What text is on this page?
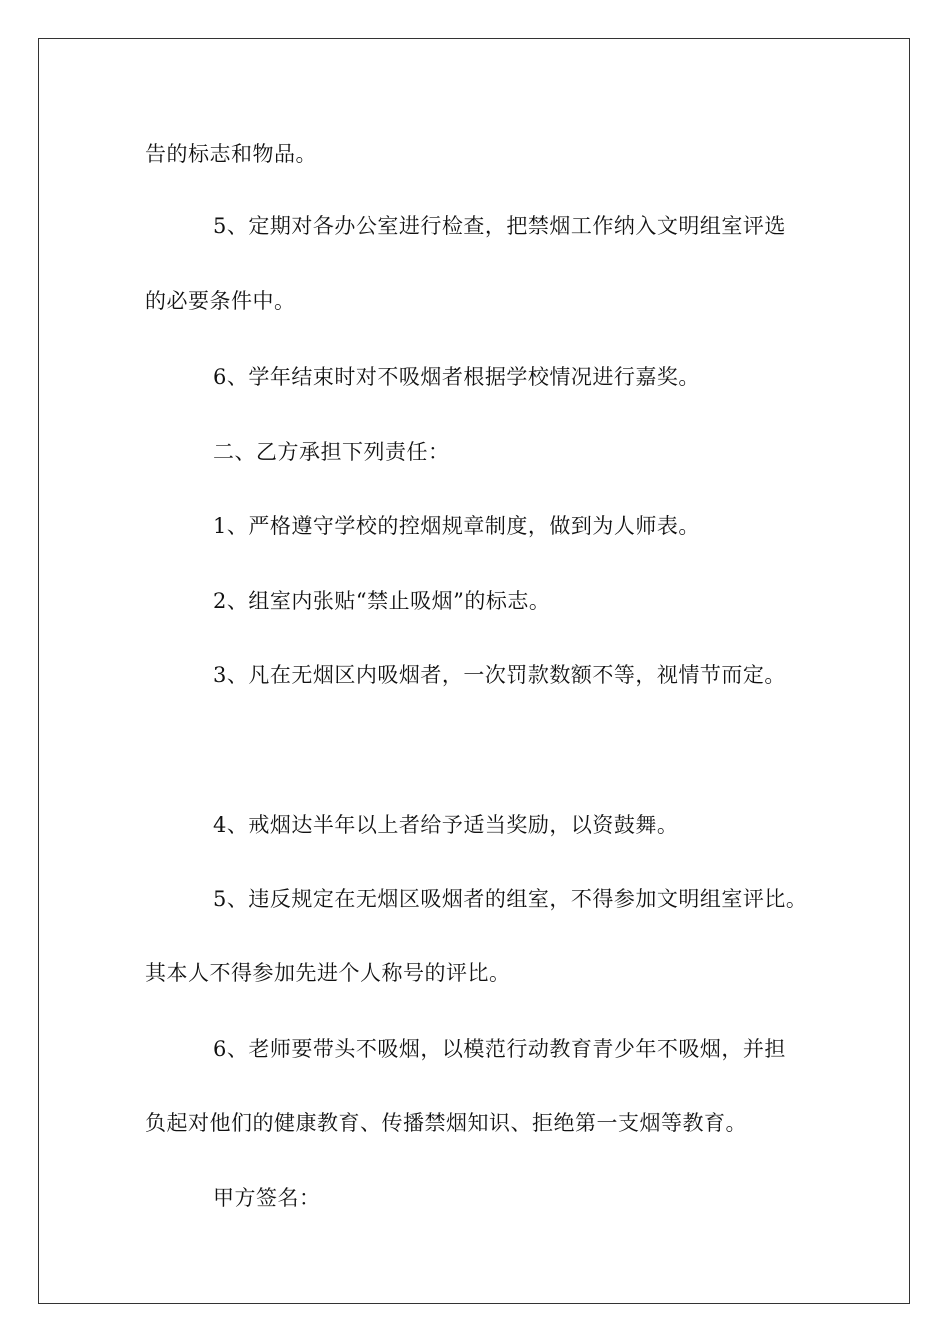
告的标志和物品。
5、定期对各办公室进行检查，把禁烟工作纳入文明组室评选
的必要条件中。
6、学年结束时对不吸烟者根据学校情况进行嘉奖。
二、乙方承担下列责任：
1、严格遵守学校的控烟规章制度，做到为人师表。
2、组室内张贴“禁止吸烟”的标志。
3、凡在无烟区内吸烟者，一次罚款数额不等，视情节而定。
4、戒烟达半年以上者给予适当奖励，以资鼓舞。
5、违反规定在无烟区吸烟者的组室，不得参加文明组室评比。
其本人不得参加先进个人称号的评比。
6、老师要带头不吸烟，以模范行动教育青少年不吸烟，并担
负起对他们的健康教育、传播禁烟知识、拒绝第一支烟等教育。
甲方签名：
